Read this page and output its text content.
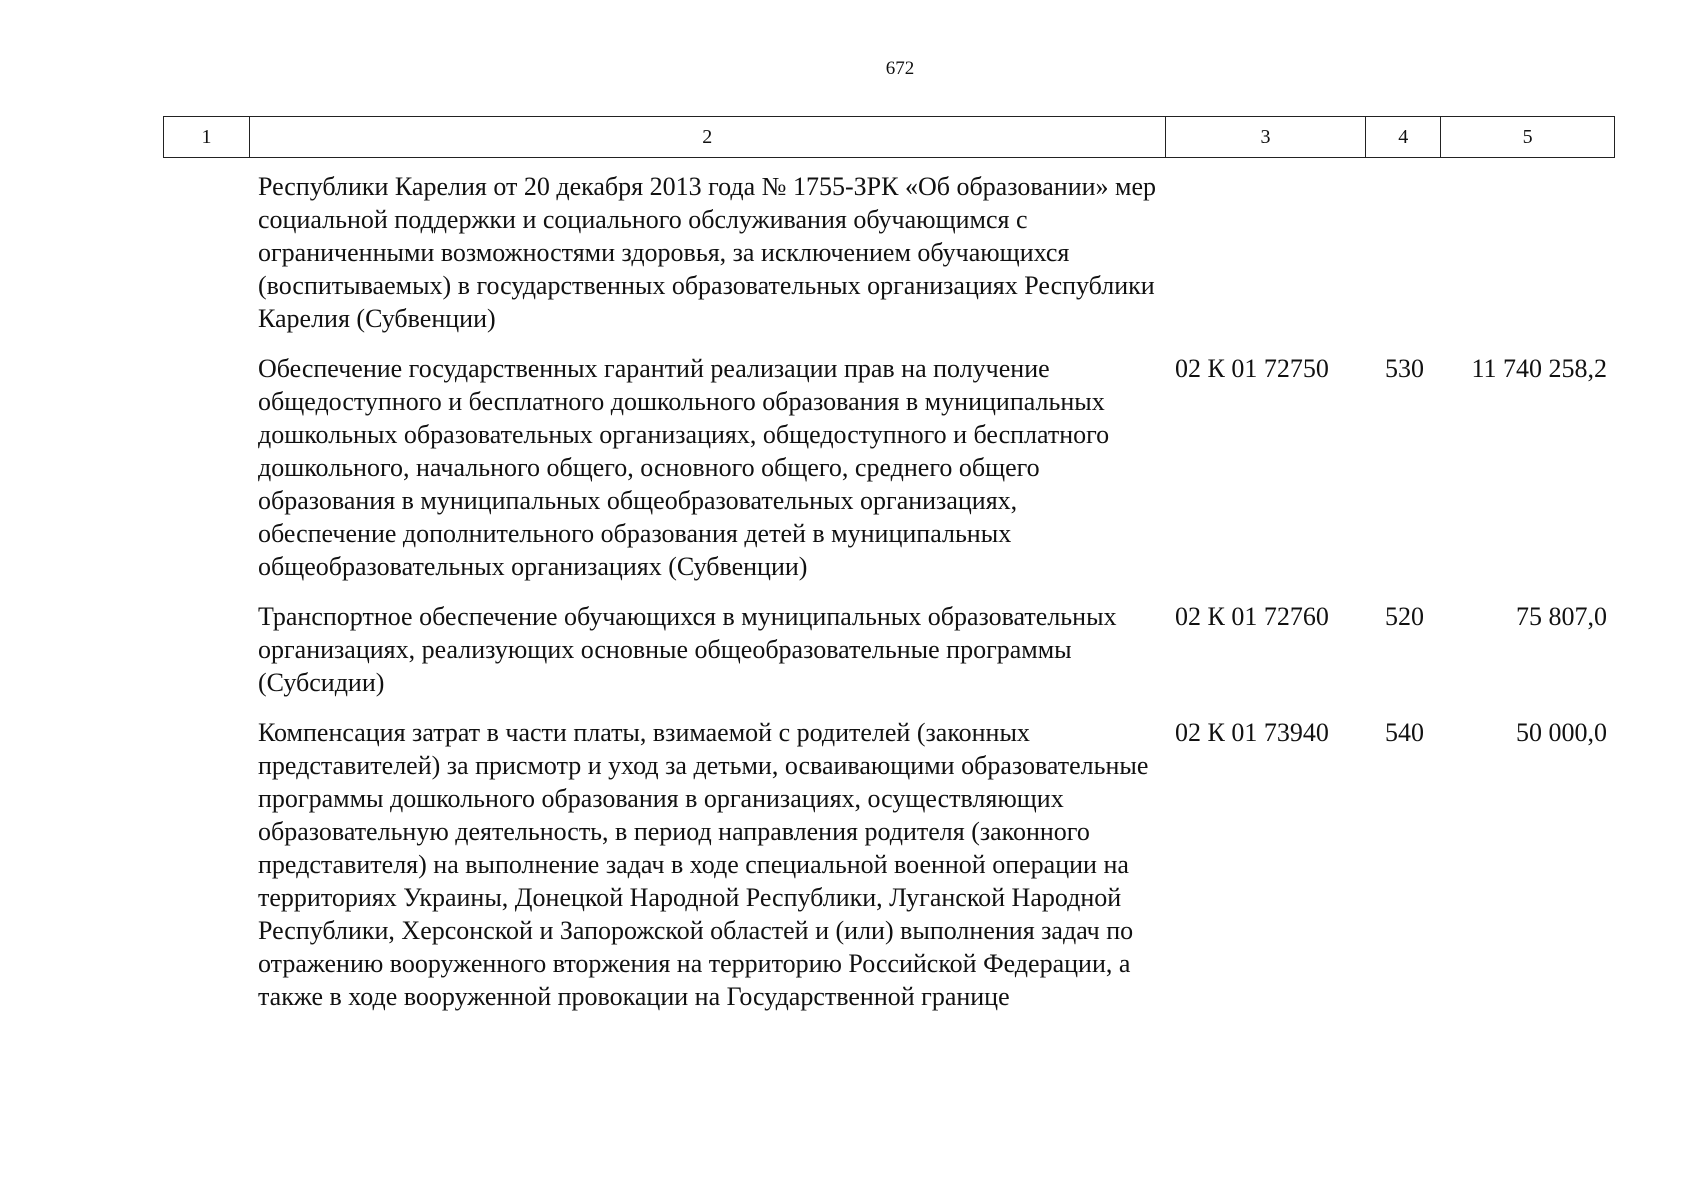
672
1	2	3	4	5
Республики Карелия от 20 декабря 2013 года № 1755-ЗРК «Об образовании» мер социальной поддержки и социального обслуживания обучающимся с ограниченными возможностями здоровья, за исключением обучающихся (воспитываемых) в государственных образовательных организациях Республики Карелия (Субвенции)
Обеспечение государственных гарантий реализации прав на получение общедоступного и бесплатного дошкольного образования в муниципальных дошкольных образовательных организациях, общедоступного и бесплатного дошкольного, начального общего, основного общего, среднего общего образования в муниципальных общеобразовательных организациях, обеспечение дополнительного образования детей в муниципальных общеобразовательных организациях (Субвенции)
02 К 01 72750	530	11 740 258,2
Транспортное обеспечение обучающихся в муниципальных образовательных организациях, реализующих основные общеобразовательные программы (Субсидии)
02 К 01 72760	520	75 807,0
Компенсация затрат в части платы, взимаемой с родителей (законных представителей) за присмотр и уход за детьми, осваивающими образовательные программы дошкольного образования в организациях, осуществляющих образовательную деятельность, в период направления родителя (законного представителя) на выполнение задач в ходе специальной военной операции на территориях Украины, Донецкой Народной Республики, Луганской Народной Республики, Херсонской и Запорожской областей и (или) выполнения задач по отражению вооруженного вторжения на территорию Российской Федерации, а также в ходе вооруженной провокации на Государственной границе
02 К 01 73940	540	50 000,0
